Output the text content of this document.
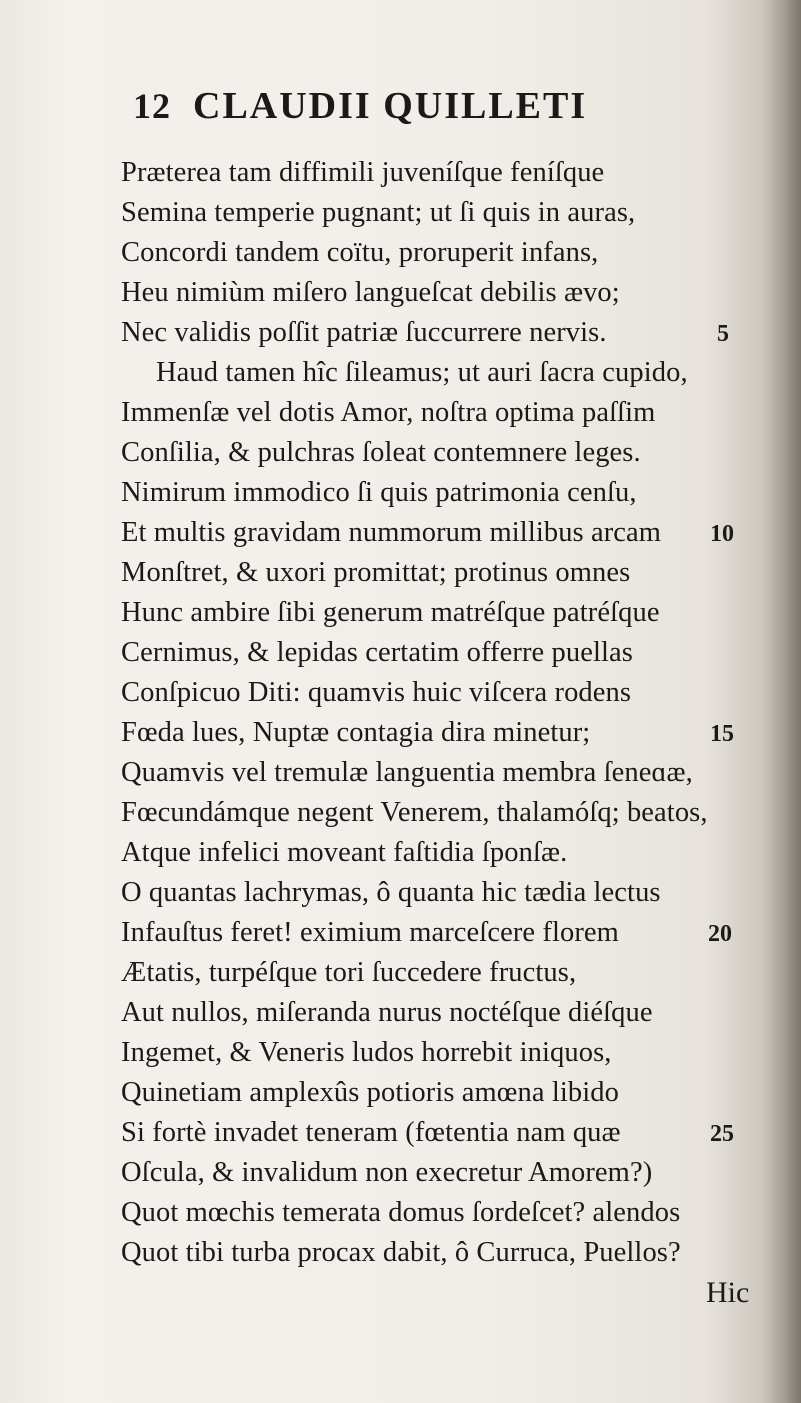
12 CLAUDII QUILLETI
Præterea tam diffimili juveníſque feníſque
Semina temperie pugnant; ut ſi quis in auras,
Concordi tandem coïtu, proruperit infans,
Heu nimiùm miſero langueſcat debilis ævo;
Nec validis poſſit patriæ ſuccurrere nervis.
Haud tamen hîc ſileamus; ut auri ſacra cupido,
Immenſæ vel dotis Amor, noſtra optima paſſim
Conſilia, & pulchras ſoleat contemnere leges.
Nimirum immodico ſi quis patrimonia cenſu,
Et multis gravidam nummorum millibus arcam
Monſtret, & uxori promittat; protinus omnes
Hunc ambire ſibi generum matréſque patréſque
Cernimus, & lepidas certatim offerre puellas
Conſpicuo Diti: quamvis huic viſcera rodens
Fœda lues, Nuptæ contagia dira minetur;
Quamvis vel tremulæ languentia membra ſeneɑæ,
Fœcundámque negent Venerem, thalamóſq; beatos,
Atque infelici moveant faſtidia ſponſæ.
O quantas lachrymas, ô quanta hic tædia lectus
Infauſtus feret! eximium marceſcere florem
Ætatis, turpéſque tori ſuccedere fructus,
Aut nullos, miſeranda nurus noctéſque diéſque
Ingemet, & Veneris ludos horrebit iniquos,
Quinetiam amplexûs potioris amœna libido
Si fortè invadet teneram (fœtentia nam quæ
Oſcula, & invalidum non execretur Amorem?)
Quot mœchis temerata domus ſordeſcet? alendos
Quot tibi turba procax dabit, ô Curruca, Puellos?
5
10
15
20
25
Hic
